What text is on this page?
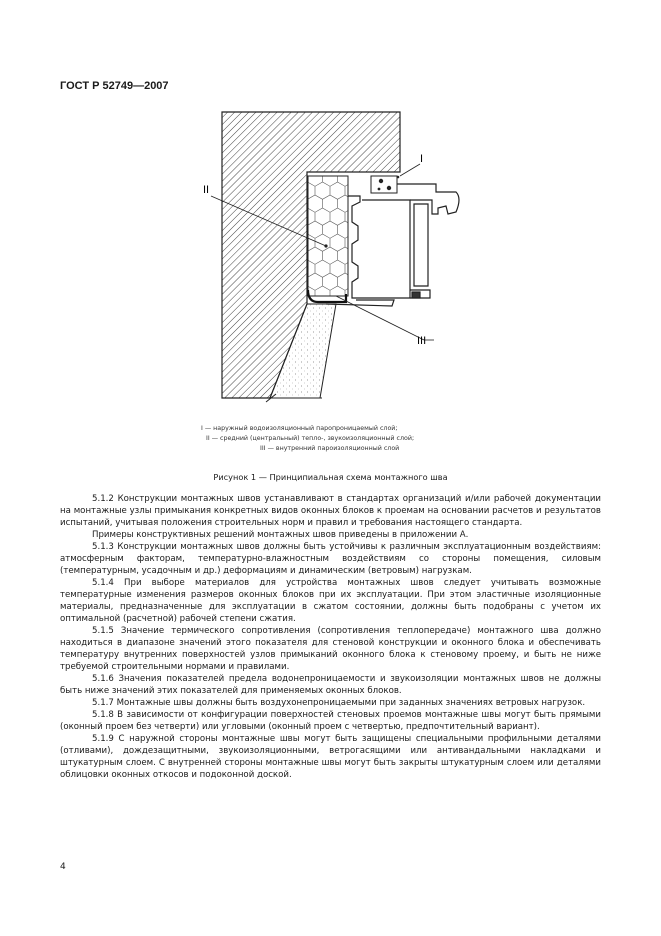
ГОСТ Р 52749—2007
I
II
III
I — наружный водоизоляционный паропроницаемый слой;
II — средний (центральный) тепло-, звукоизоляционный слой;
III — внутренний пароизоляционный слой
Рисунок 1 — Принципиальная схема монтажного шва

5.1.2 Конструкции монтажных швов устанавливают в стандартах организаций и/или рабочей документации на монтажные узлы примыкания конкретных видов оконных блоков к проемам на основании расчетов и результатов испытаний, учитывая положения строительных норм и правил и требования настоящего стандарта.

Примеры конструктивных решений монтажных швов приведены в приложении А.

5.1.3 Конструкции монтажных швов должны быть устойчивы к различным эксплуатационным воздействиям: атмосферным факторам, температурно-влажностным воздействиям со стороны помещения, силовым (температурным, усадочным и др.) деформациям и динамическим (ветровым) нагрузкам.

5.1.4 При выборе материалов для устройства монтажных швов следует учитывать возможные температурные изменения размеров оконных блоков при их эксплуатации. При этом эластичные изоляционные материалы, предназначенные для эксплуатации в сжатом состоянии, должны быть подобраны с учетом их оптимальной (расчетной) рабочей степени сжатия.

5.1.5 Значение термического сопротивления (сопротивления теплопередаче) монтажного шва должно находиться в диапазоне значений этого показателя для стеновой конструкции и оконного блока и обеспечивать температуру внутренних поверхностей узлов примыканий оконного блока к стеновому проему, и быть не ниже требуемой строительными нормами и правилами.

5.1.6 Значения показателей предела водонепроницаемости и звукоизоляции монтажных швов не должны быть ниже значений этих показателей для применяемых оконных блоков.

5.1.7 Монтажные швы должны быть воздухонепроницаемыми при заданных значениях ветровых нагрузок.

5.1.8 В зависимости от конфигурации поверхностей стеновых проемов монтажные швы могут быть прямыми (оконный проем без четверти) или угловыми (оконный проем с четвертью, предпочтительный вариант).

5.1.9 С наружной стороны монтажные швы могут быть защищены специальными профильными деталями (отливами), дождезащитными, звукоизоляционными, ветрогасящими или антивандальными накладками и штукатурным слоем. С внутренней стороны монтажные швы могут быть закрыты штукатурным слоем или деталями облицовки оконных откосов и подоконной доской.

4
